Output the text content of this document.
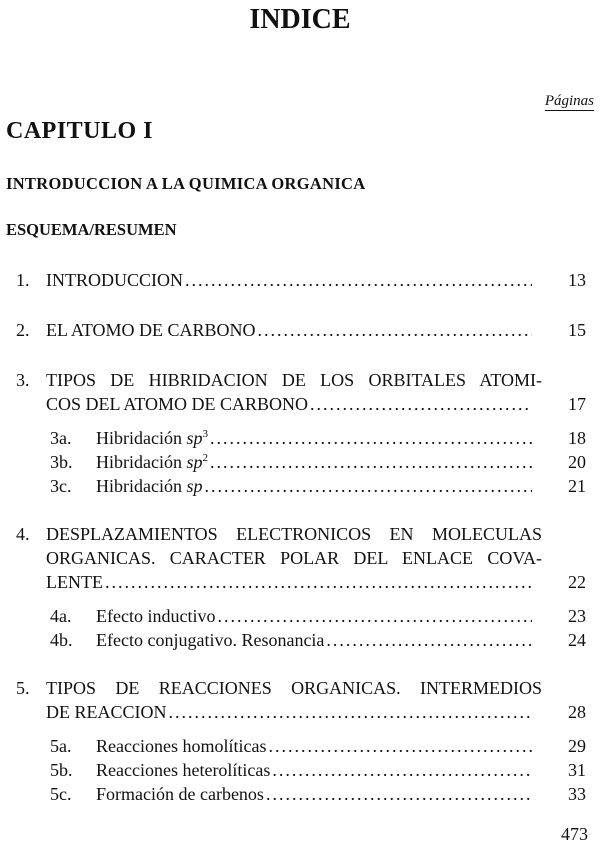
INDICE
Páginas
CAPITULO I
INTRODUCCION A LA QUIMICA ORGANICA
ESQUEMA/RESUMEN
1. INTRODUCCION .....	13
2. EL ATOMO DE CARBONO .....	15
3. TIPOS DE HIBRIDACION DE LOS ORBITALES ATOMI-
COS DEL ATOMO DE CARBONO .....	17
3a. Hibridación $sp^3$ .....	18
3b. Hibridación $sp^2$ .....	20
3c. Hibridación sp .....	21
4. DESPLAZAMIENTOS ELECTRONICOS EN MOLECULAS
ORGANICAS. CARACTER POLAR DEL ENLACE COVA-
LENTE .....	22
4a. Efecto inductivo .....	23
4b. Efecto conjugativo. Resonancia .....	24
5. TIPOS DE REACCIONES ORGANICAS. INTERMEDIOS
DE REACCION .....	28
5a. Reacciones homolíticas .....	29
5b. Reacciones heterolíticas .....	31
5c. Formación de carbenos .....	33
473
